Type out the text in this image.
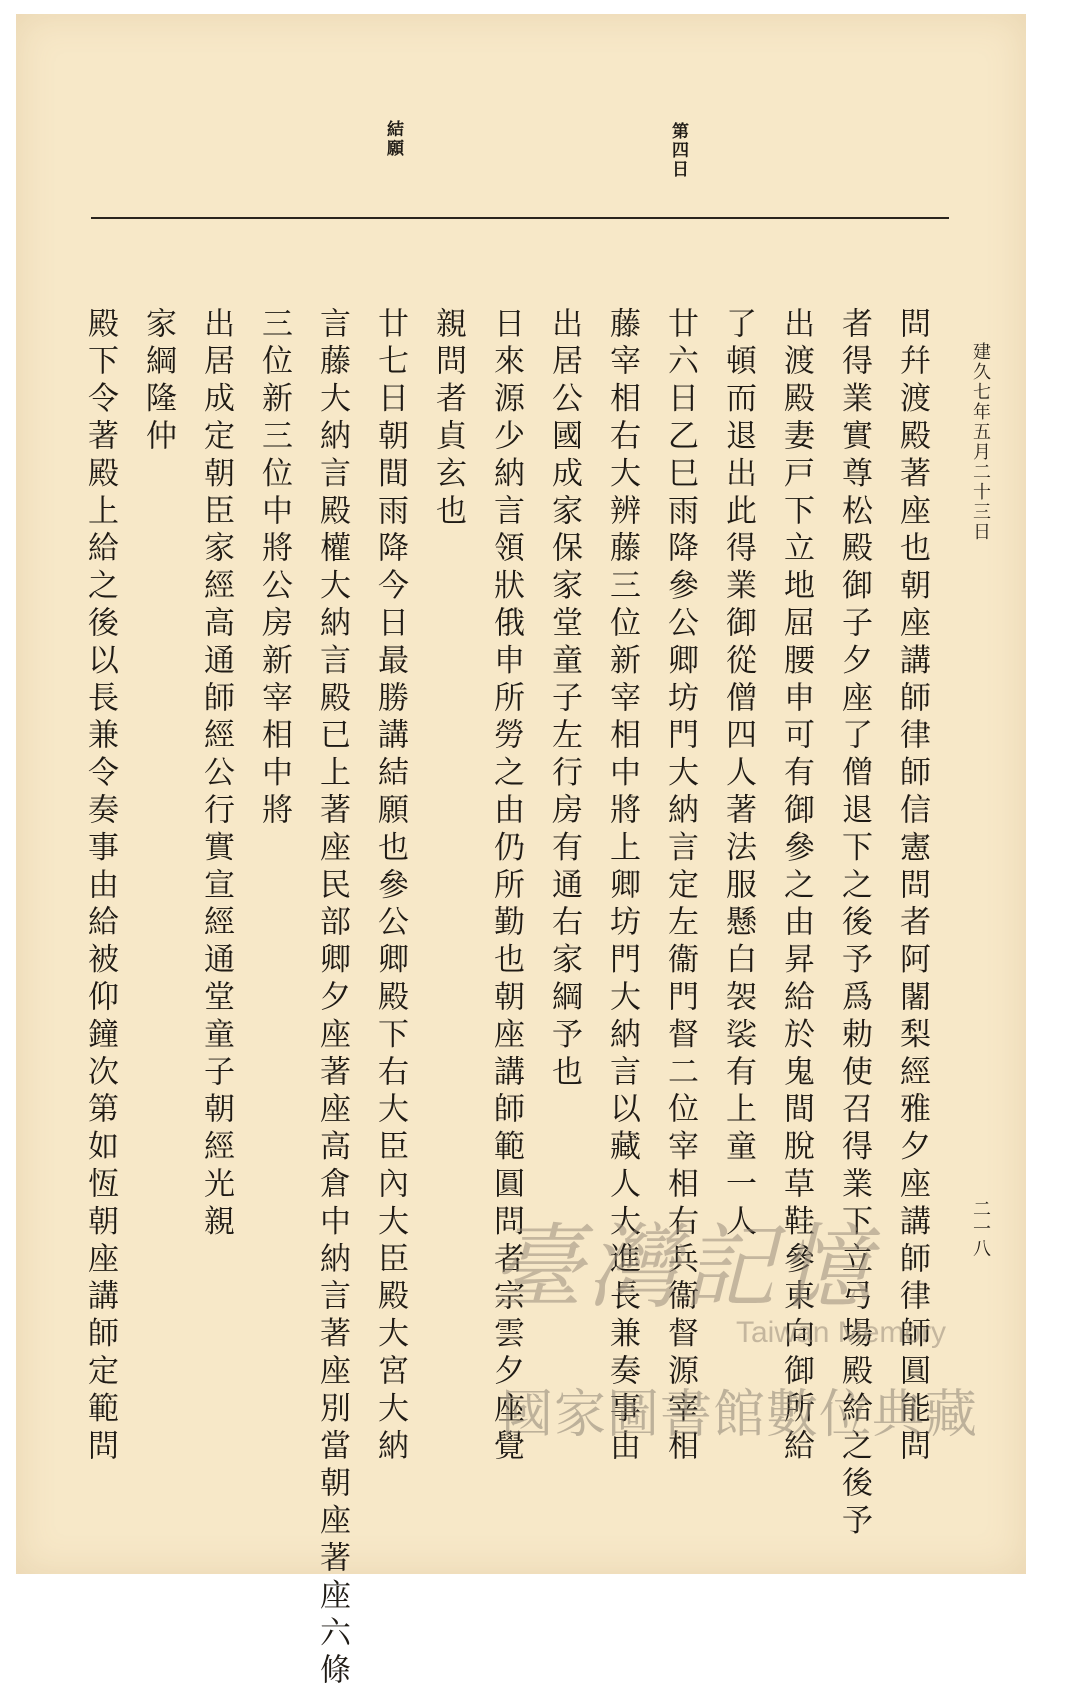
建久七年五月二十三日
二一八
第四日
結願
問幷渡殿著座也朝座講師律師信憲問者阿闍梨經雅夕座講師律師圓能問
者得業實尊松殿御子夕座了僧退下之後予爲勅使召得業下立弓場殿給之後予
出渡殿妻戸下立地屈腰申可有御參之由昇給於鬼間脫草鞋參東向御所給
了頓而退出此得業御從僧四人著法服懸白袈裟有上童一人
廿六日乙巳雨降參公卿坊門大納言定左衞門督二位宰相右兵衞督源宰相
藤宰相右大辨藤三位新宰相中將上卿坊門大納言以藏人大進長兼奏事由
出居公國成家保家堂童子左行房有通右家綱予也
日來源少納言領狀俄申所勞之由仍所勤也朝座講師範圓問者宗雲夕座覺
親問者貞玄也
廿七日朝間雨降今日最勝講結願也參公卿殿下右大臣內大臣殿大宮大納
言藤大納言殿權大納言殿已上著座民部卿夕座著座高倉中納言著座別當朝座著座六條
三位新三位中將公房新宰相中將
出居成定朝臣家經高通師經公行實宣經通堂童子朝經光親
家綱隆仲
殿下令著殿上給之後以長兼令奏事由給被仰鐘次第如恆朝座講師定範問	臺灣記憶
Taiwan Memory
國家圖書館數位典藏
